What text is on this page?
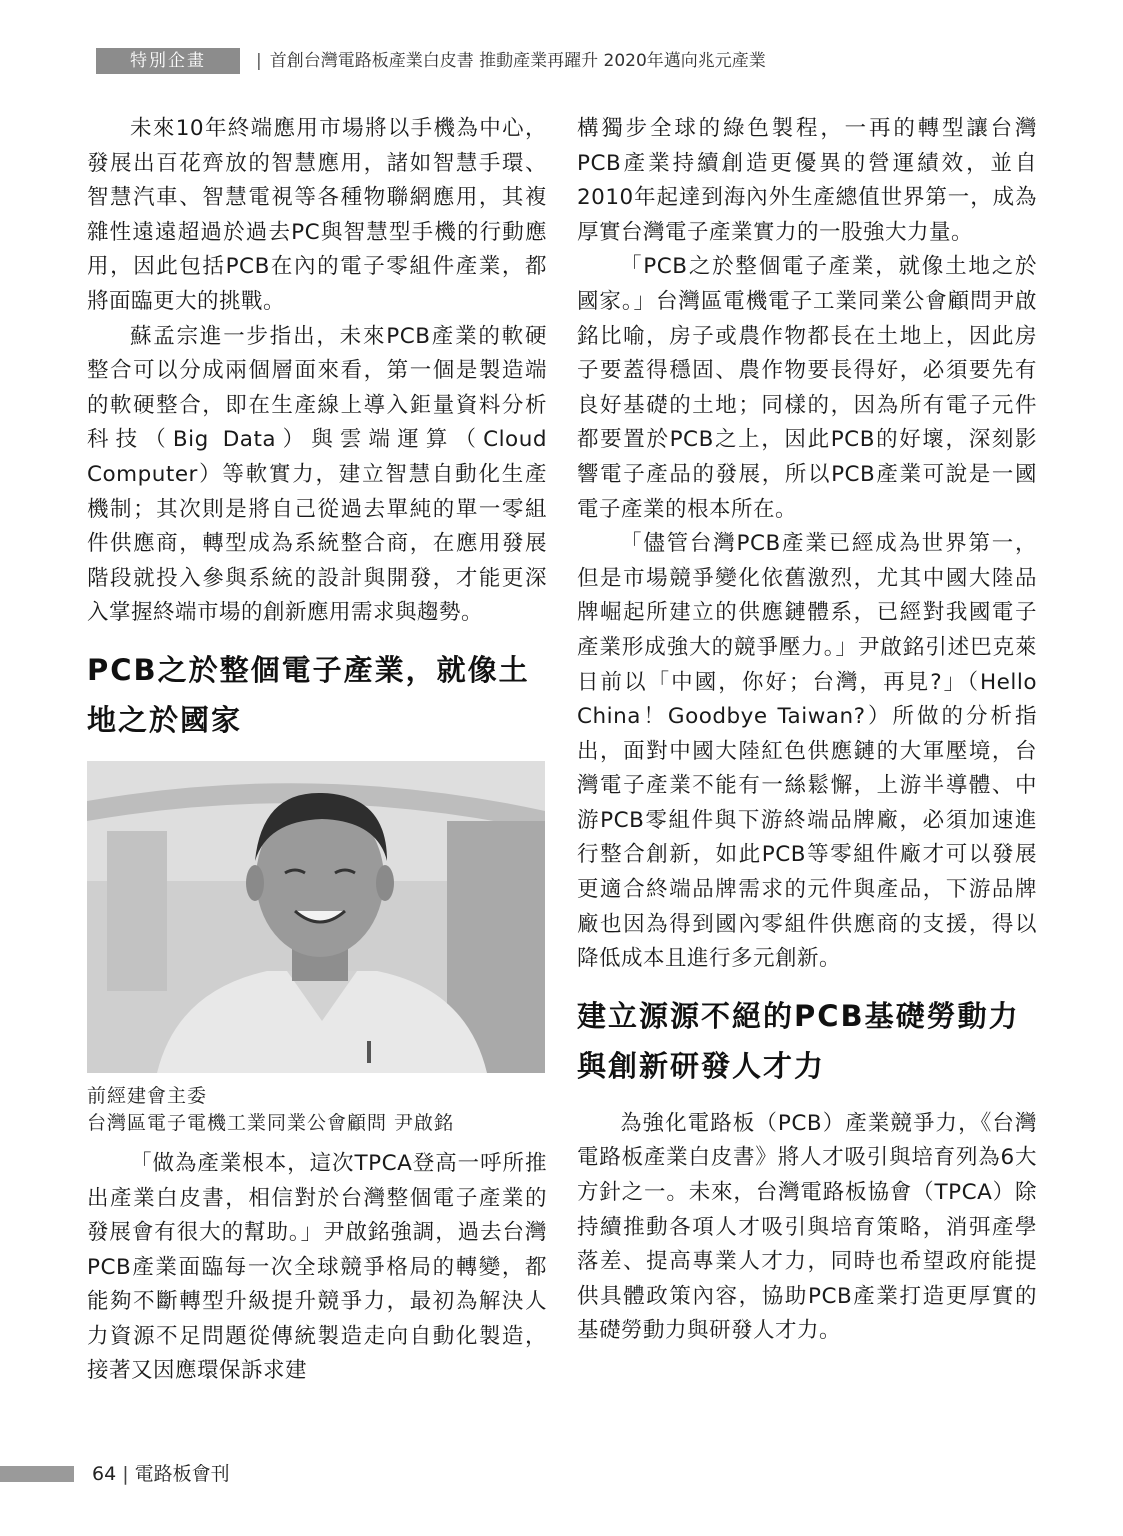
特別企畫	| 首創台灣電路板產業白皮書 推動產業再躍升 2020年邁向兆元產業

未來10年終端應用市場將以手機為中心，發展出百花齊放的智慧應用，諸如智慧手環、智慧汽車、智慧電視等各種物聯網應用，其複雜性遠遠超過於過去PC與智慧型手機的行動應用，因此包括PCB在內的電子零組件產業，都將面臨更大的挑戰。

蘇孟宗進一步指出，未來PCB產業的軟硬整合可以分成兩個層面來看，第一個是製造端的軟硬整合，即在生產線上導入鉅量資料分析科技（Big Data）與雲端運算（Cloud Computer）等軟實力，建立智慧自動化生產機制；其次則是將自己從過去單純的單一零組件供應商，轉型成為系統整合商，在應用發展階段就投入參與系統的設計與開發，才能更深入掌握終端市場的創新應用需求與趨勢。

PCB之於整個電子產業，就像土地之於國家
前經建會主委
台灣區電子電機工業同業公會顧問 尹啟銘

「做為產業根本，這次TPCA登高一呼所推出產業白皮書，相信對於台灣整個電子產業的發展會有很大的幫助。」尹啟銘強調，過去台灣PCB產業面臨每一次全球競爭格局的轉變，都能夠不斷轉型升級提升競爭力，最初為解決人力資源不足問題從傳統製造走向自動化製造，接著又因應環保訴求建

構獨步全球的綠色製程，一再的轉型讓台灣PCB產業持續創造更優異的營運績效，並自2010年起達到海內外生產總值世界第一，成為厚實台灣電子產業實力的一股強大力量。

「PCB之於整個電子產業，就像土地之於國家。」台灣區電機電子工業同業公會顧問尹啟銘比喻，房子或農作物都長在土地上，因此房子要蓋得穩固、農作物要長得好，必須要先有良好基礎的土地；同樣的，因為所有電子元件都要置於PCB之上，因此PCB的好壞，深刻影響電子產品的發展，所以PCB產業可說是一國電子產業的根本所在。

「儘管台灣PCB產業已經成為世界第一，但是市場競爭變化依舊激烈，尤其中國大陸品牌崛起所建立的供應鏈體系，已經對我國電子產業形成強大的競爭壓力。」尹啟銘引述巴克萊日前以「中國，你好；台灣，再見?」（Hello China！Goodbye Taiwan?）所做的分析指出，面對中國大陸紅色供應鏈的大軍壓境，台灣電子產業不能有一絲鬆懈，上游半導體、中游PCB零組件與下游終端品牌廠，必須加速進行整合創新，如此PCB等零組件廠才可以發展更適合終端品牌需求的元件與產品，下游品牌廠也因為得到國內零組件供應商的支援，得以降低成本且進行多元創新。

建立源源不絕的PCB基礎勞動力與創新研發人才力

為強化電路板（PCB）產業競爭力，《台灣電路板產業白皮書》將人才吸引與培育列為6大方針之一。未來，台灣電路板協會（TPCA）除持續推動各項人才吸引與培育策略，消弭產學落差、提高專業人才力，同時也希望政府能提供具體政策內容，協助PCB產業打造更厚實的基礎勞動力與研發人才力。

64 | 電路板會刊
